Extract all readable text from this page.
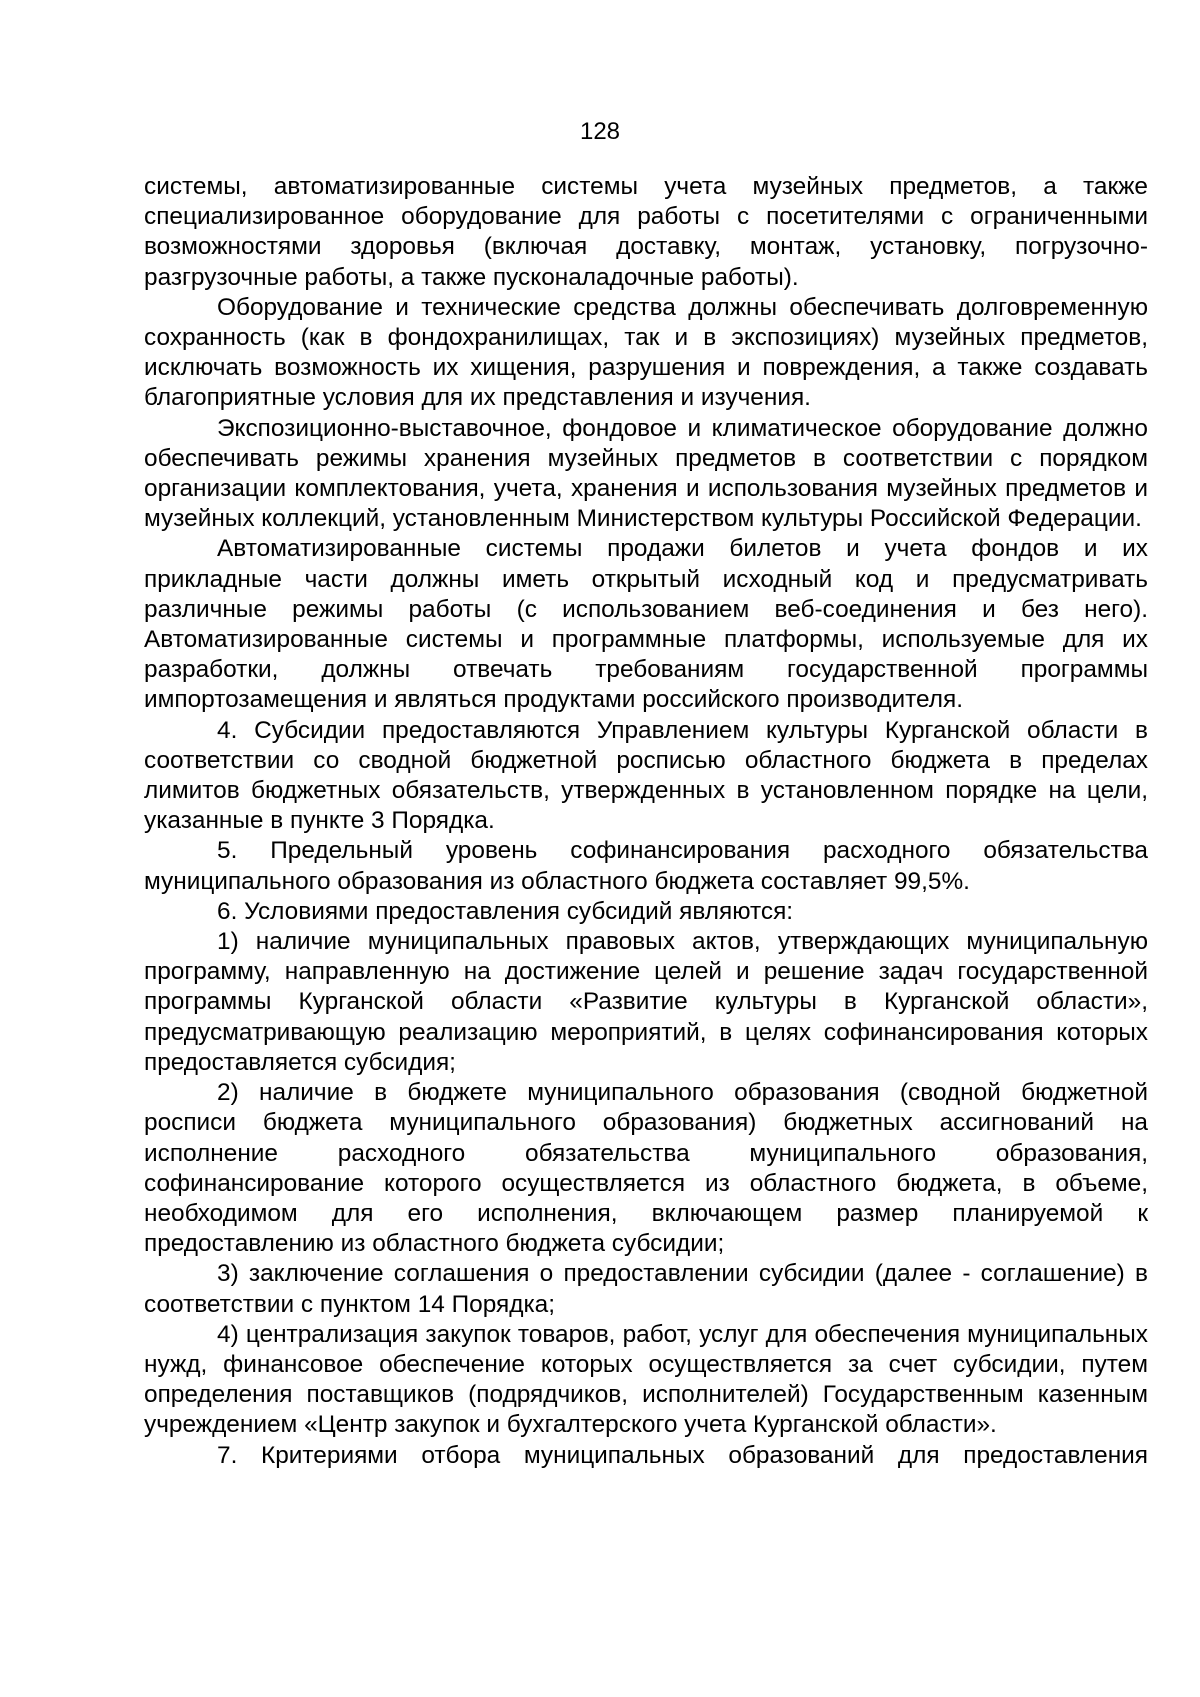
128

системы, автоматизированные системы учета музейных предметов, а также специализированное оборудование для работы с посетителями с ограниченными возможностями здоровья (включая доставку, монтаж, установку, погрузочно-разгрузочные работы, а также пусконаладочные работы).

Оборудование и технические средства должны обеспечивать долговременную сохранность (как в фондохранилищах, так и в экспозициях) музейных предметов, исключать возможность их хищения, разрушения и повреждения, а также создавать благоприятные условия для их представления и изучения.

Экспозиционно-выставочное, фондовое и климатическое оборудование должно обеспечивать режимы хранения музейных предметов в соответствии с порядком организации комплектования, учета, хранения и использования музейных предметов и музейных коллекций, установленным Министерством культуры Российской Федерации.

Автоматизированные системы продажи билетов и учета фондов и их прикладные части должны иметь открытый исходный код и предусматривать различные режимы работы (с использованием веб-соединения и без него). Автоматизированные системы и программные платформы, используемые для их разработки, должны отвечать требованиям государственной программы импортозамещения и являться продуктами российского производителя.

4. Субсидии предоставляются Управлением культуры Курганской области в соответствии со сводной бюджетной росписью областного бюджета в пределах лимитов бюджетных обязательств, утвержденных в установленном порядке на цели, указанные в пункте 3 Порядка.

5. Предельный уровень софинансирования расходного обязательства муниципального образования из областного бюджета составляет 99,5%.

6. Условиями предоставления субсидий являются:

1) наличие муниципальных правовых актов, утверждающих муниципальную программу, направленную на достижение целей и решение задач государственной программы Курганской области «Развитие культуры в Курганской области», предусматривающую реализацию мероприятий, в целях софинансирования которых предоставляется субсидия;

2) наличие в бюджете муниципального образования (сводной бюджетной росписи бюджета муниципального образования) бюджетных ассигнований на исполнение расходного обязательства муниципального образования, софинансирование которого осуществляется из областного бюджета, в объеме, необходимом для его исполнения, включающем размер планируемой к предоставлению из областного бюджета субсидии;

3) заключение соглашения о предоставлении субсидии (далее - соглашение) в соответствии с пунктом 14 Порядка;

4) централизация закупок товаров, работ, услуг для обеспечения муниципальных нужд, финансовое обеспечение которых осуществляется за счет субсидии, путем определения поставщиков (подрядчиков, исполнителей) Государственным казенным учреждением «Центр закупок и бухгалтерского учета Курганской области».

7. Критериями отбора муниципальных образований для предоставления
